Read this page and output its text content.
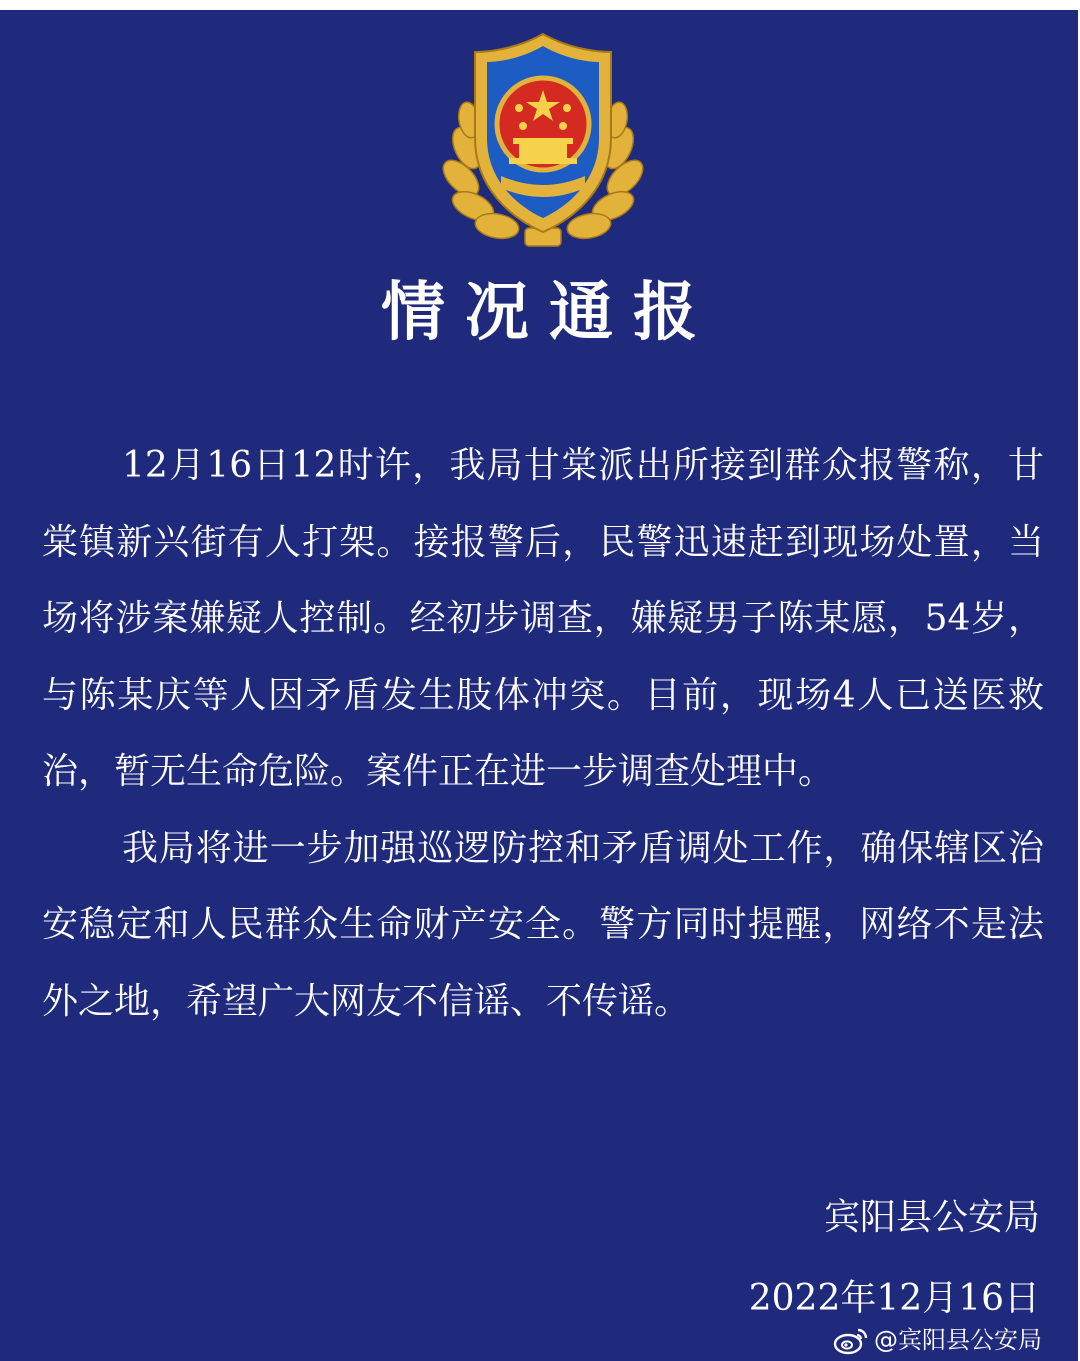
情况通报

12月16日12时许，我局甘棠派出所接到群众报警称，甘棠镇新兴街有人打架。接报警后，民警迅速赶到现场处置，当场将涉案嫌疑人控制。经初步调查，嫌疑男子陈某愿，54岁，与陈某庆等人因矛盾发生肢体冲突。目前，现场4人已送医救治，暂无生命危险。案件正在进一步调查处理中。

我局将进一步加强巡逻防控和矛盾调处工作，确保辖区治安稳定和人民群众生命财产安全。警方同时提醒，网络不是法外之地，希望广大网友不信谣、不传谣。

宾阳县公安局
2022年12月16日
@宾阳县公安局
